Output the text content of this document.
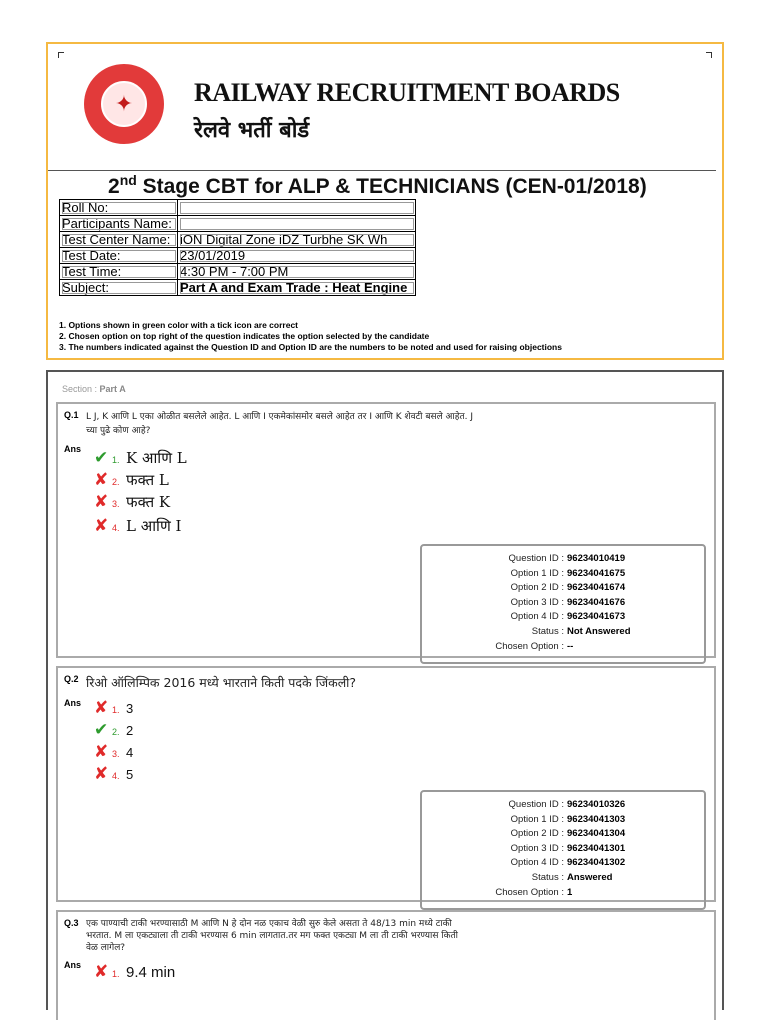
✦	RAILWAY RECRUITMENT BOARDS
रेलवे भर्ती बोर्ड
2nd Stage CBT for ALP & TECHNICIANS (CEN-01/2018)
Roll No:	
Participants Name:	
Test Center Name:	iON Digital Zone iDZ Turbhe SK Wh
Test Date:	23/01/2019
Test Time:	4:30 PM - 7:00 PM
Subject:	Part A and Exam Trade : Heat Engine
1. Options shown in green color with a tick icon are correct
2. Chosen option on top right of the question indicates the option selected by the candidate
3. The numbers indicated against the Question ID and Option ID are the numbers to be noted and used for raising objections
Section : Part A
Q.1 L J, K आणि L एका ओळीत बसलेले आहेत. L आणि I एकमेकांसमोर बसले आहेत तर I आणि K शेवटी बसले आहेत. J
च्या पुढे कोण आहे?
Ans ✔ 1. K आणि L
✘ 2. फक्त L
✘ 3. फक्त K
✘ 4. L आणि I
Question ID : 96234010419
Option 1 ID : 96234041675
Option 2 ID : 96234041674
Option 3 ID : 96234041676
Option 4 ID : 96234041673
Status : Not Answered
Chosen Option : --
Q.2 रिओ ऑलिम्पिक 2016 मध्ये भारताने किती पदके जिंकली?
Ans ✘ 1. 3
✔ 2. 2
✘ 3. 4
✘ 4. 5
Question ID : 96234010326
Option 1 ID : 96234041303
Option 2 ID : 96234041304
Option 3 ID : 96234041301
Option 4 ID : 96234041302
Status : Answered
Chosen Option : 1
Q.3 एक पाण्याची टाकी भरण्यासाठी M आणि N हे दोन नळ एकाच वेळी सुरु केले असता ते 48/13 min मध्ये टाकी
भरतात. M ला एकट्याला ती टाकी भरण्यास 6 min लागतात.तर मग फक्त एकट्या M ला ती टाकी भरण्यास किती
वेळ लागेल?
Ans ✘ 1. 9.4 min
